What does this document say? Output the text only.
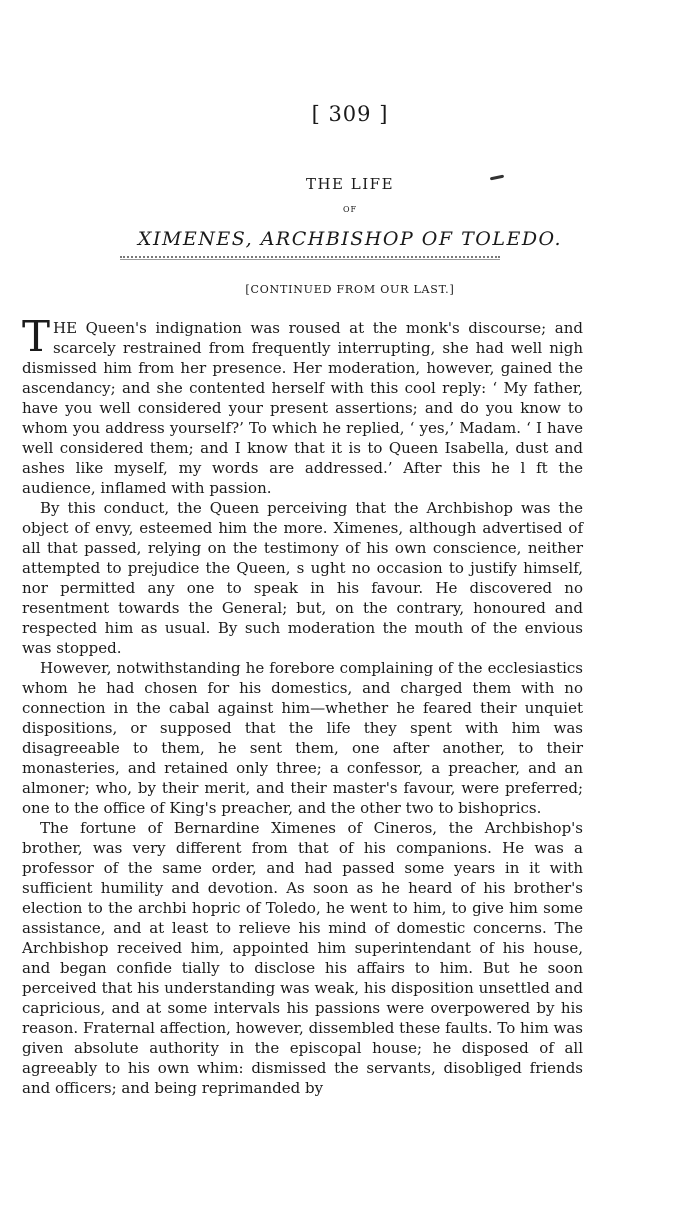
[ 309 ]
THE LIFE
OF
XIMENES, ARCHBISHOP OF TOLEDO.
[CONTINUED FROM OUR LAST.]

THE Queen's indignation was roused at the monk's discourse; and scarcely restrained from frequently interrupting, she had well nigh dismissed him from her presence. Her moderation, however, gained the ascendancy; and she contented herself with this cool reply: ‘ My father, have you well considered your present assertions; and do you know to whom you address yourself?’ To which he replied, ‘ yes,’ Madam. ‘ I have well considered them; and I know that it is to Queen Isabella, dust and ashes like myself, my words are addressed.’ After this he l ft the audience, inflamed with passion.

By this conduct, the Queen perceiving that the Archbishop was the object of envy, esteemed him the more. Ximenes, although advertised of all that passed, relying on the testimony of his own conscience, neither attempted to prejudice the Queen, s ught no occasion to justify himself, nor permitted any one to speak in his favour. He discovered no resentment towards the General; but, on the contrary, honoured and respected him as usual. By such moderation the mouth of the envious was stopped.

However, notwithstanding he forebore complaining of the ecclesiastics whom he had chosen for his domestics, and charged them with no connection in the cabal against him—whether he feared their unquiet dispositions, or supposed that the life they spent with him was disagreeable to them, he sent them, one after another, to their monasteries, and retained only three; a confessor, a preacher, and an almoner; who, by their merit, and their master's favour, were preferred; one to the office of King's preacher, and the other two to bishoprics.

The fortune of Bernardine Ximenes of Cineros, the Archbishop's brother, was very different from that of his companions. He was a professor of the same order, and had passed some years in it with sufficient humility and devotion. As soon as he heard of his brother's election to the archbi hopric of Toledo, he went to him, to give him some assistance, and at least to relieve his mind of domestic concerns. The Archbishop received him, appointed him superintendant of his house, and began confide tially to disclose his affairs to him. But he soon perceived that his understanding was weak, his disposition unsettled and capricious, and at some intervals his passions were overpowered by his reason. Fraternal affection, however, dissembled these faults. To him was given absolute authority in the episcopal house; he disposed of all agreeably to his own whim: dismissed the servants, disobliged friends and officers; and being reprimanded by
